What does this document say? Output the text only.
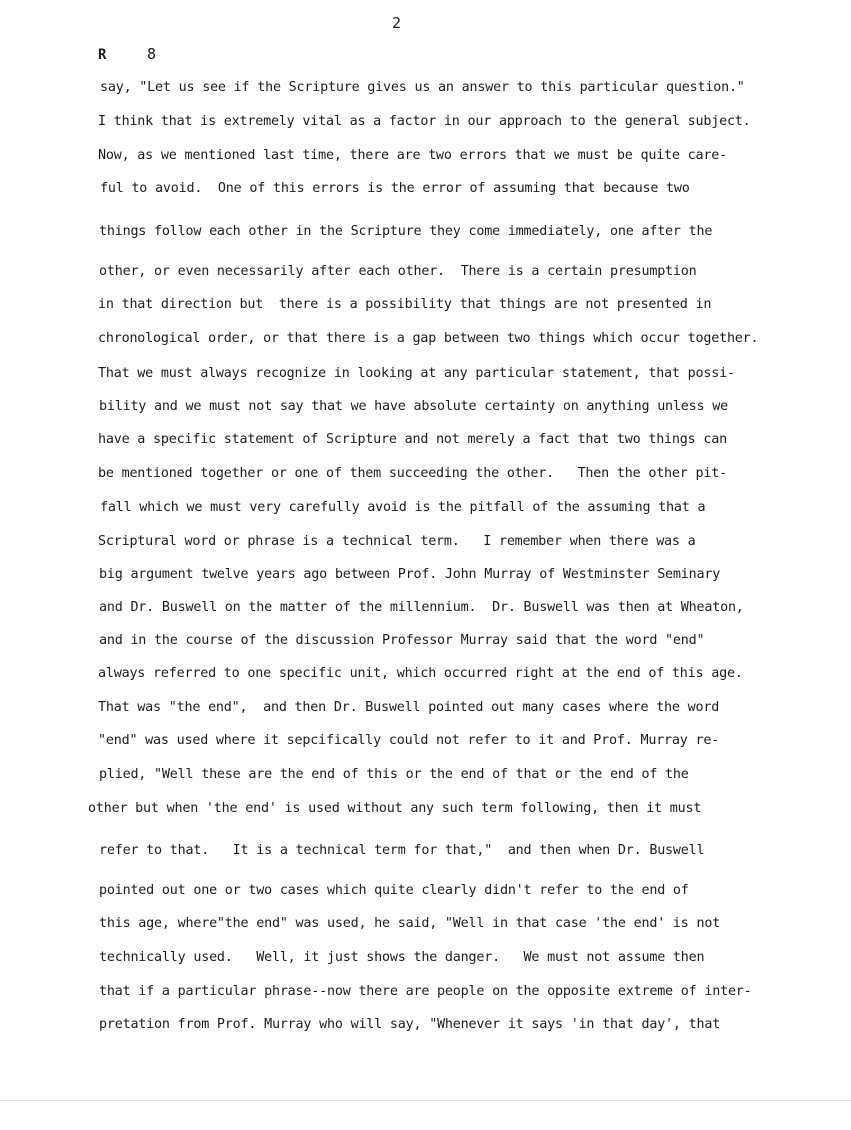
2
R	8
say, "Let us see if the Scripture gives us an answer to this particular question."
I think that is extremely vital as a factor in our approach to the general subject.
Now, as we mentioned last time, there are two errors that we must be quite care-
ful to avoid.  One of this errors is the error of assuming that because two
things follow each other in the Scripture they come immediately, one after the
other, or even necessarily after each other.  There is a certain presumption
in that direction but  there is a possibility that things are not presented in
chronological order, or that there is a gap between two things which occur together.
That we must always recognize in looking at any particular statement, that possi-
bility and we must not say that we have absolute certainty on anything unless we
have a specific statement of Scripture and not merely a fact that two things can
be mentioned together or one of them succeeding the other.   Then the other pit-
fall which we must very carefully avoid is the pitfall of the assuming that a
Scriptural word or phrase is a technical term.   I remember when there was a
big argument twelve years ago between Prof. John Murray of Westminster Seminary
and Dr. Buswell on the matter of the millennium.  Dr. Buswell was then at Wheaton,
and in the course of the discussion Professor Murray said that the word "end"
always referred to one specific unit, which occurred right at the end of this age.
That was "the end",  and then Dr. Buswell pointed out many cases where the word
"end" was used where it sepcifically could not refer to it and Prof. Murray re-
plied, "Well these are the end of this or the end of that or the end of the
other but when 'the end' is used without any such term following, then it must
refer to that.   It is a technical term for that,"  and then when Dr. Buswell
pointed out one or two cases which quite clearly didn't refer to the end of
this age, where"the end" was used, he said, "Well in that case 'the end' is not
technically used.   Well, it just shows the danger.   We must not assume then
that if a particular phrase--now there are people on the opposite extreme of inter-
pretation from Prof. Murray who will say, "Whenever it says 'in that day', that
